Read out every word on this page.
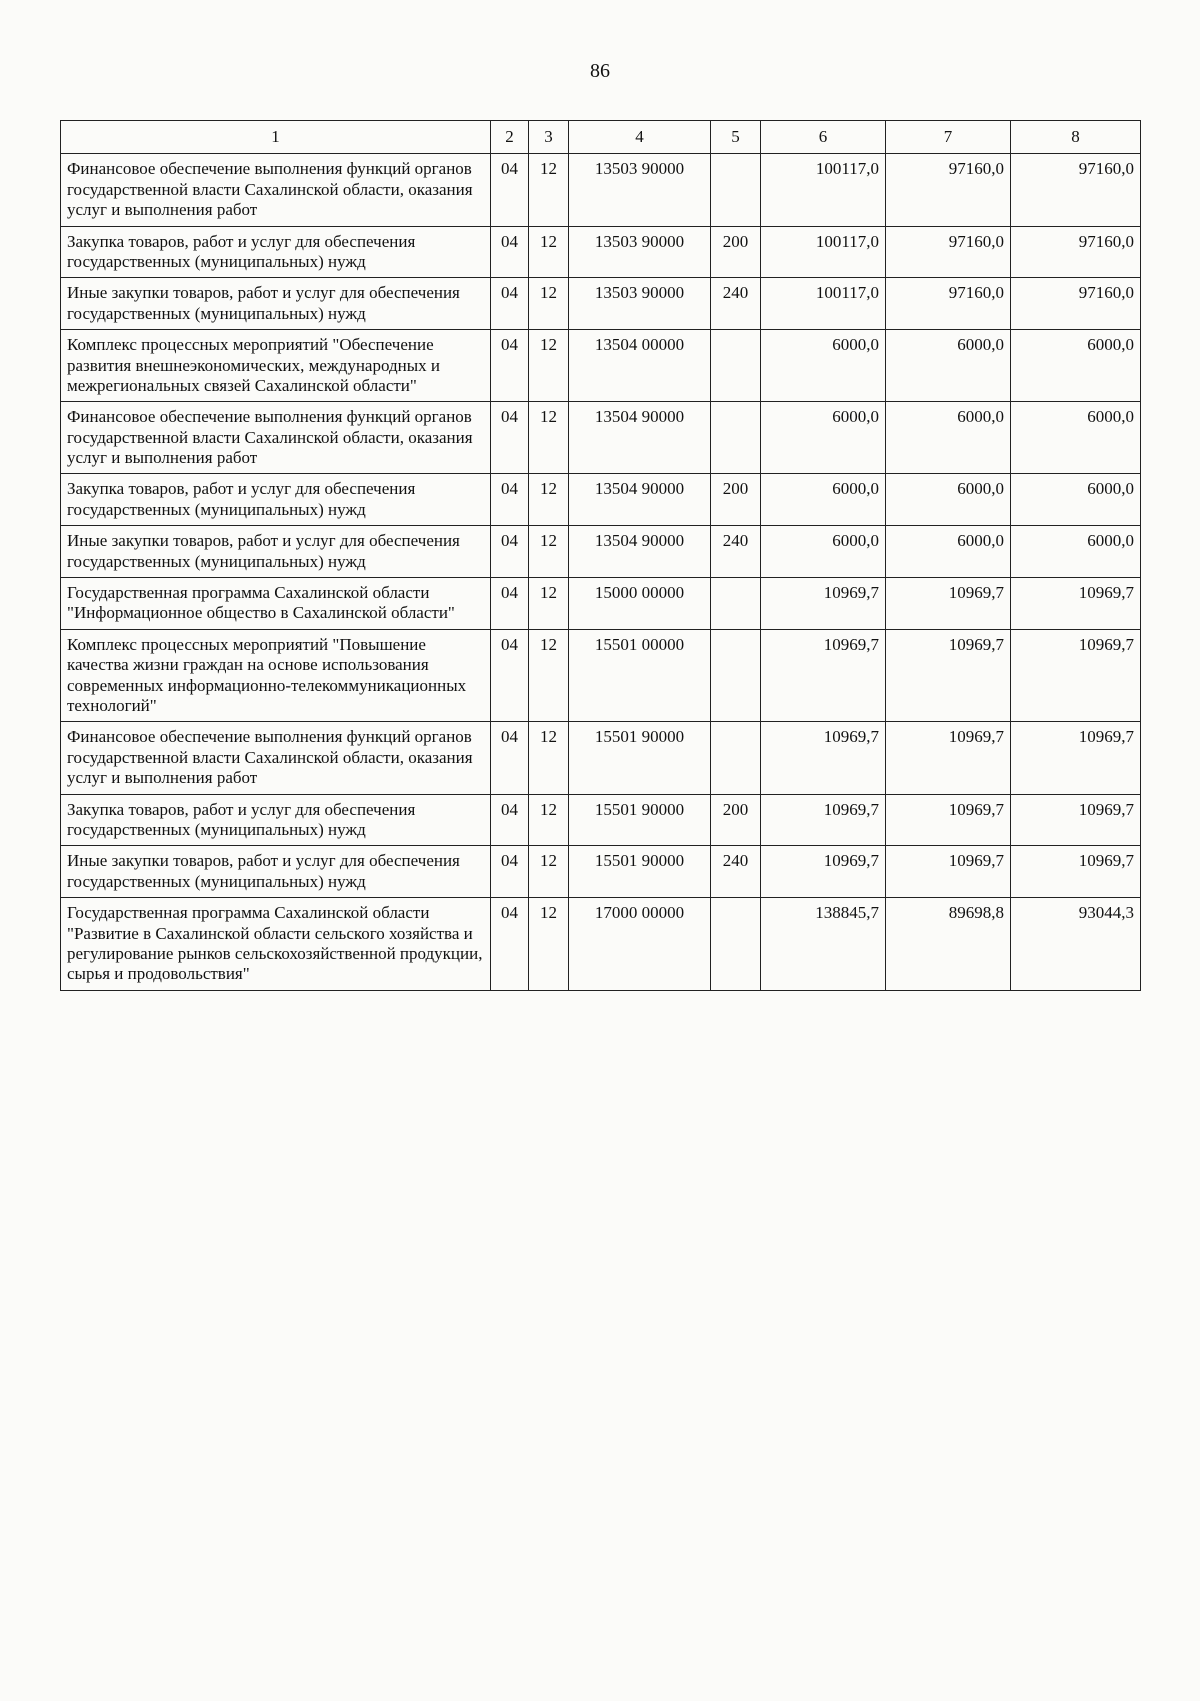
86
1	2	3	4	5	6	7	8
Финансовое обеспечение выполнения функций органов государственной власти Сахалинской области, оказания услуг и выполнения работ	04	12	13503 90000		100117,0	97160,0	97160,0
Закупка товаров, работ и услуг для обеспечения государственных (муниципальных) нужд	04	12	13503 90000	200	100117,0	97160,0	97160,0
Иные закупки товаров, работ и услуг для обеспечения государственных (муниципальных) нужд	04	12	13503 90000	240	100117,0	97160,0	97160,0
Комплекс процессных мероприятий "Обеспечение развития внешнеэкономических, международных и межрегиональных связей Сахалинской области"	04	12	13504 00000		6000,0	6000,0	6000,0
Финансовое обеспечение выполнения функций органов государственной власти Сахалинской области, оказания услуг и выполнения работ	04	12	13504 90000		6000,0	6000,0	6000,0
Закупка товаров, работ и услуг для обеспечения государственных (муниципальных) нужд	04	12	13504 90000	200	6000,0	6000,0	6000,0
Иные закупки товаров, работ и услуг для обеспечения государственных (муниципальных) нужд	04	12	13504 90000	240	6000,0	6000,0	6000,0
Государственная программа Сахалинской области "Информационное общество в Сахалинской области"	04	12	15000 00000		10969,7	10969,7	10969,7
Комплекс процессных мероприятий "Повышение качества жизни граждан на основе использования современных информационно-телекоммуникационных технологий"	04	12	15501 00000		10969,7	10969,7	10969,7
Финансовое обеспечение выполнения функций органов государственной власти Сахалинской области, оказания услуг и выполнения работ	04	12	15501 90000		10969,7	10969,7	10969,7
Закупка товаров, работ и услуг для обеспечения государственных (муниципальных) нужд	04	12	15501 90000	200	10969,7	10969,7	10969,7
Иные закупки товаров, работ и услуг для обеспечения государственных (муниципальных) нужд	04	12	15501 90000	240	10969,7	10969,7	10969,7
Государственная программа Сахалинской области "Развитие в Сахалинской области сельского хозяйства и регулирование рынков сельскохозяйственной продукции, сырья и продовольствия"	04	12	17000 00000		138845,7	89698,8	93044,3
